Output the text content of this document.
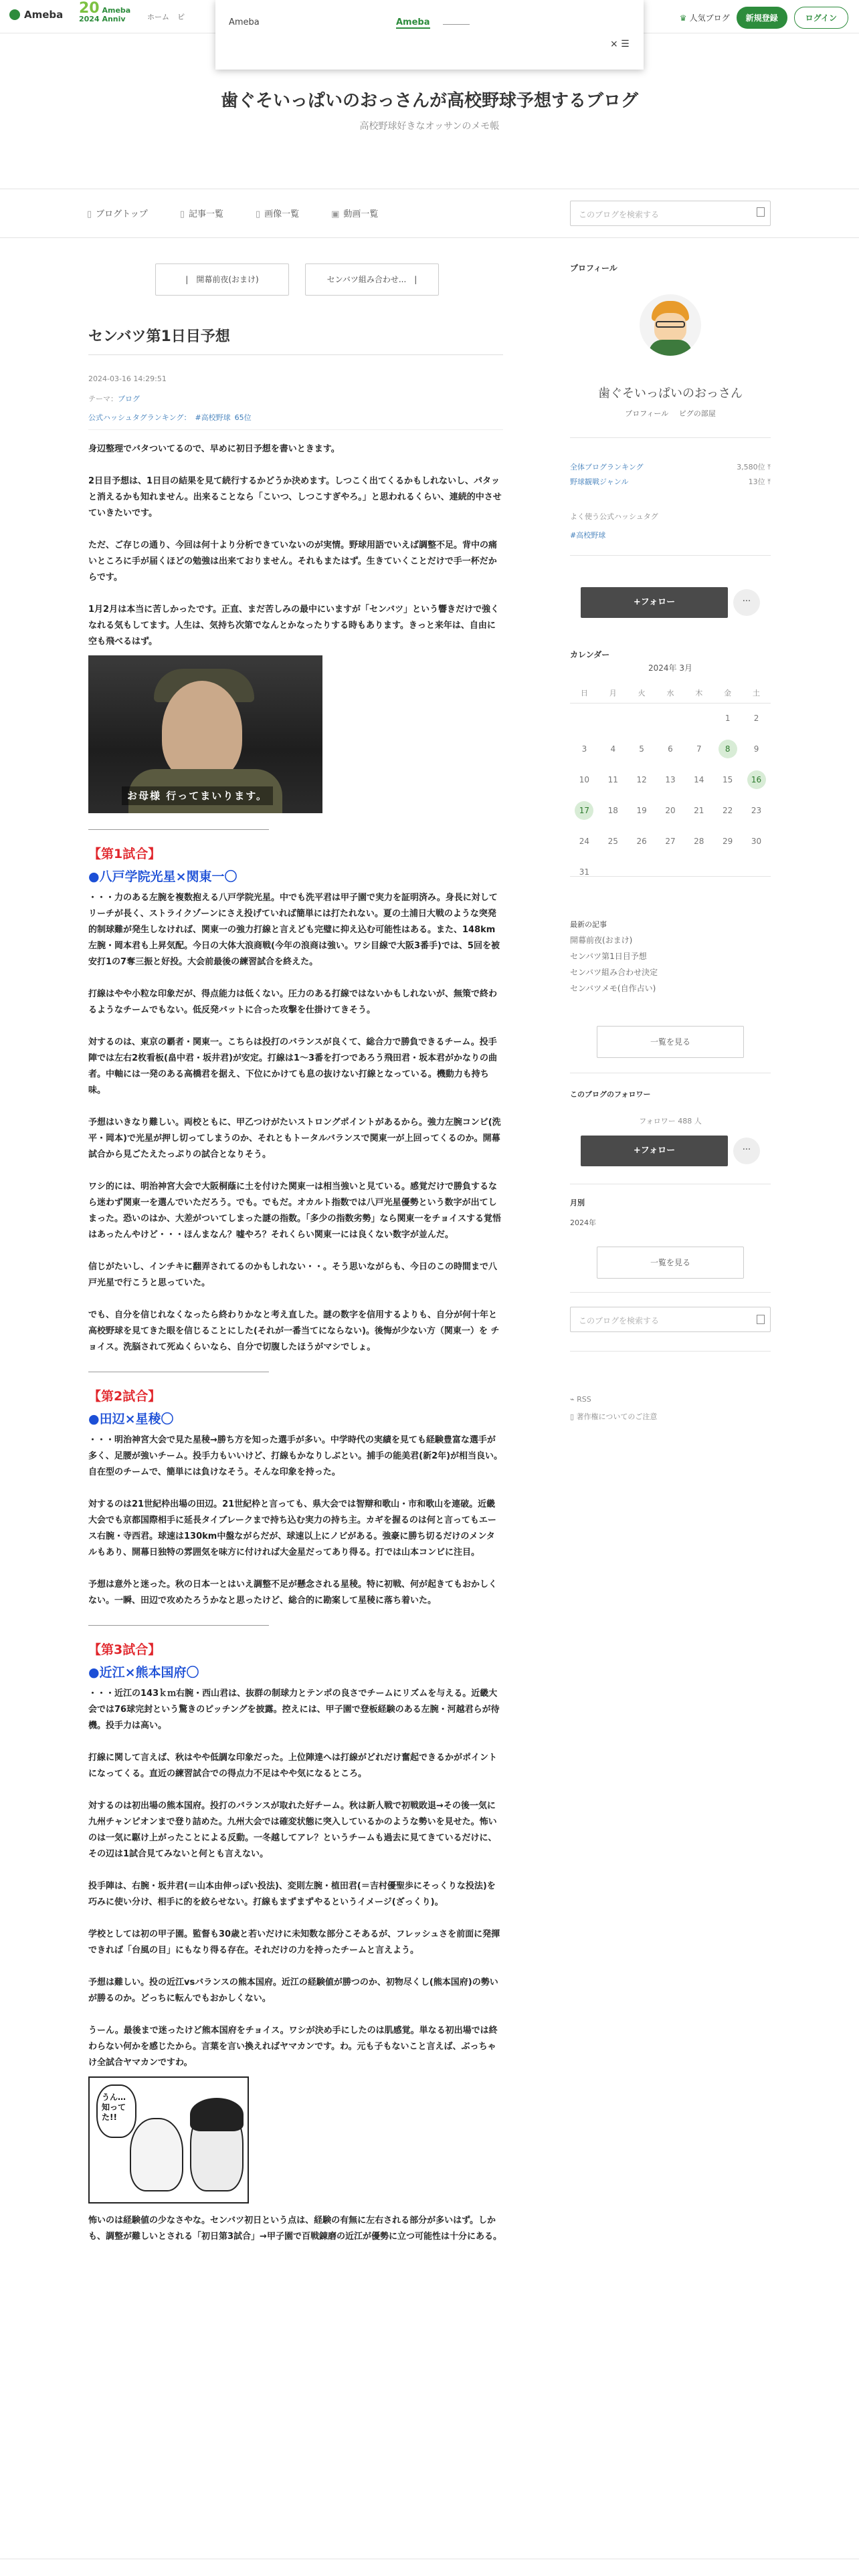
Ameba 20 Ameba
2024 Anniv	ホーム ピ	♛ 人気ブログ	新規登録	ログイン
Ameba	Ameba
× ☰
歯ぐそいっぱいのおっさんが高校野球予想するブログ
高校野球好きなオッサンのメモ帳
▯ ブログトップ	▯ 記事一覧	▯ 画像一覧	▣ 動画一覧	このブログを検索する
|　開幕前夜(おまけ)	センバツ組み合わせ...　|
センバツ第1日目予想
2024-03-16 14:29:51
テーマ：ブログ
公式ハッシュタグランキング： #高校野球 65位

身辺整理でバタついてるので、早めに初日予想を書いときます。

2日目予想は、1日目の結果を見て続行するかどうか決めます。しつこく出てくるかもしれないし、パタッと消えるかも知れません。出来ることなら「こいつ、しつこすぎやろ。」と思われるくらい、連続的中させていきたいです。

ただ、ご存じの通り、今回は何十より分析できていないのが実情。野球用語でいえば調整不足。背中の痛いところに手が届くほどの勉強は出来ておりません。それもまたはず。生きていくことだけで手一杯だからです。

1月2月は本当に苦しかったです。正直、まだ苦しみの最中にいますが「センバツ」という響きだけで強くなれる気もしてます。人生は、気持ち次第でなんとかなったりする時もあります。きっと来年は、自由に空も飛べるはず。

お母様 行ってまいります。
【第1試合】
●八戸学院光星×関東一〇

・・・力のある左腕を複数抱える八戸学院光星。中でも洗平君は甲子園で実力を証明済み。身長に対してリーチが長く、ストライクゾーンにさえ投げていれば簡単には打たれない。夏の土浦日大戦のような突発的制球難が発生しなければ、関東一の強力打線と言えども完璧に抑え込む可能性はある。また、148km左腕・岡本君も上昇気配。今日の大体大浪商戦(今年の浪商は強い。ワシ目線で大阪3番手)では、5回を被安打1の7奪三振と好投。大会前最後の練習試合を終えた。

打線はやや小粒な印象だが、得点能力は低くない。圧力のある打線ではないかもしれないが、無策で終わるようなチームでもない。低反発バットに合った攻撃を仕掛けてきそう。

対するのは、東京の覇者・関東一。こちらは投打のバランスが良くて、総合力で勝負できるチーム。投手陣では左右2枚看板(畠中君・坂井君)が安定。打線は1〜3番を打つであろう飛田君・坂本君がかなりの曲者。中軸には一発のある高橋君を据え、下位にかけても息の抜けない打線となっている。機動力も持ち味。

予想はいきなり難しい。両校ともに、甲乙つけがたいストロングポイントがあるから。強力左腕コンビ(洗平・岡本)で光星が押し切ってしまうのか、それともトータルバランスで関東一が上回ってくるのか。開幕試合から見ごたえたっぷりの試合となりそう。

ワシ的には、明治神宮大会で大阪桐蔭に土を付けた関東一は相当強いと見ている。感覚だけで勝負するなら迷わず関東一を選んでいただろう。でも。でもだ。オカルト指数では八戸光星優勢という数字が出てしまった。恐いのはか、大差がついてしまった謎の指数。「多少の指数劣勢」なら関東一をチョイスする覚悟はあったんやけど・・・ほんまなん？嘘やろ？それくらい関東一には良くない数字が並んだ。

信じがたいし、インチキに翻弄されてるのかもしれない・・。そう思いながらも、今日のこの時間まで八戸光星で行こうと思っていた。

でも、自分を信じれなくなったら終わりかなと考え直した。謎の数字を信用するよりも、自分が何十年と高校野球を見てきた眼を信じることにした(それが一番当てにならない)。後悔が少ない方（関東一）を チョイス。洗脳されて死ぬくらいなら、自分で切腹したほうがマシでしょ。

【第2試合】
●田辺×星稜〇

・・・明治神宮大会で見た星稜→勝ち方を知った選手が多い。中学時代の実績を見ても経験豊富な選手が多く、足腰が強いチーム。投手力もいいけど、打線もかなりしぶとい。捕手の能美君(新2年)が相当良い。自在型のチームで、簡単には負けなそう。そんな印象を持った。

対するのは21世紀枠出場の田辺。21世紀枠と言っても、県大会では智辯和歌山・市和歌山を連破。近畿大会でも京都国際相手に延長タイブレークまで持ち込む実力の持ち主。カギを握るのは何と言ってもエース右腕・寺西君。球速は130km中盤ながらだが、球速以上にノビがある。強豪に勝ち切るだけのメンタルもあり、開幕日独特の雰囲気を味方に付ければ大金星だってあり得る。打では山本コンビに注目。

予想は意外と迷った。秋の日本一とはいえ調整不足が懸念される星稜。特に初戦、何が起きてもおかしくない。一瞬、田辺で攻めたろうかなと思ったけど、総合的に勘案して星稜に落ち着いた。

【第3試合】
●近江×熊本国府〇

・・・近江の143ｋｍ右腕・西山君は、抜群の制球力とテンポの良さでチームにリズムを与える。近畿大会では76球完封という驚きのピッチングを披露。控えには、甲子園で登板経験のある左腕・河越君らが待機。投手力は高い。

打線に関して言えば、秋はやや低調な印象だった。上位陣達へは打線がどれだけ奮起できるかがポイントになってくる。直近の練習試合での得点力不足はやや気になるところ。

対するのは初出場の熊本国府。投打のバランスが取れた好チーム。秋は新人戦で初戦敗退→その後一気に九州チャンピオンまで登り詰めた。九州大会では確変状態に突入しているかのような勢いを見せた。怖いのは一気に駆け上がったことによる反動。一冬越してアレ？というチームも過去に見てきているだけに、その辺は1試合見てみないと何とも言えない。

投手陣は、右腕・坂井君(＝山本由伸っぽい投法)、変則左腕・植田君(＝吉村優聖歩にそっくりな投法)を巧みに使い分け、相手に的を絞らせない。打線もまずまずやるというイメージ(ざっくり)。

学校としては初の甲子園。監督も30歳と若いだけに未知数な部分こそあるが、フレッシュさを前面に発揮できれば「台風の目」にもなり得る存在。それだけの力を持ったチームと言えよう。

予想は難しい。投の近江vsバランスの熊本国府。近江の経験値が勝つのか、初物尽くし(熊本国府)の勢いが勝るのか。どっちに転んでもおかしくない。

うーん。最後まで迷ったけど熊本国府をチョイス。ワシが決め手にしたのは肌感覚。単なる初出場では終わらない何かを感じたから。言葉を言い換えればヤマカンです。わ。元も子もないこと言えば、ぶっちゃけ全試合ヤマカンですわ。

うん… 知ってた!!

怖いのは経験値の少なさやな。センバツ初日という点は、経験の有無に左右される部分が多いはず。しかも、調整が難しいとされる「初日第3試合」→甲子園で百戦錬磨の近江が優勢に立つ可能性は十分にある。

プロフィール
歯ぐそいっぱいのおっさん
プロフィール ピグの部屋
全体ブログランキング	3,580位 ⤒
野球観戦ジャンル	13位 ⤒
よく使う公式ハッシュタグ
#高校野球
+フォロー	···
カレンダー
2024年 3月
日	月	火	水	木	金	土
					1	2
3	4	5	6	7	8	9
10	11	12	13	14	15	16
17	18	19	20	21	22	23
24	25	26	27	28	29	30
31						
最新の記事
開幕前夜(おまけ)
センバツ第1日目予想
センバツ組み合わせ決定
センバツメモ(自作占い)
一覧を見る
このブログのフォロワー
フォロワー 488 人
+フォロー	···
月別
2024年
一覧を見る
このブログを検索する
⌁ RSS
▯ 著作権についてのご注意
